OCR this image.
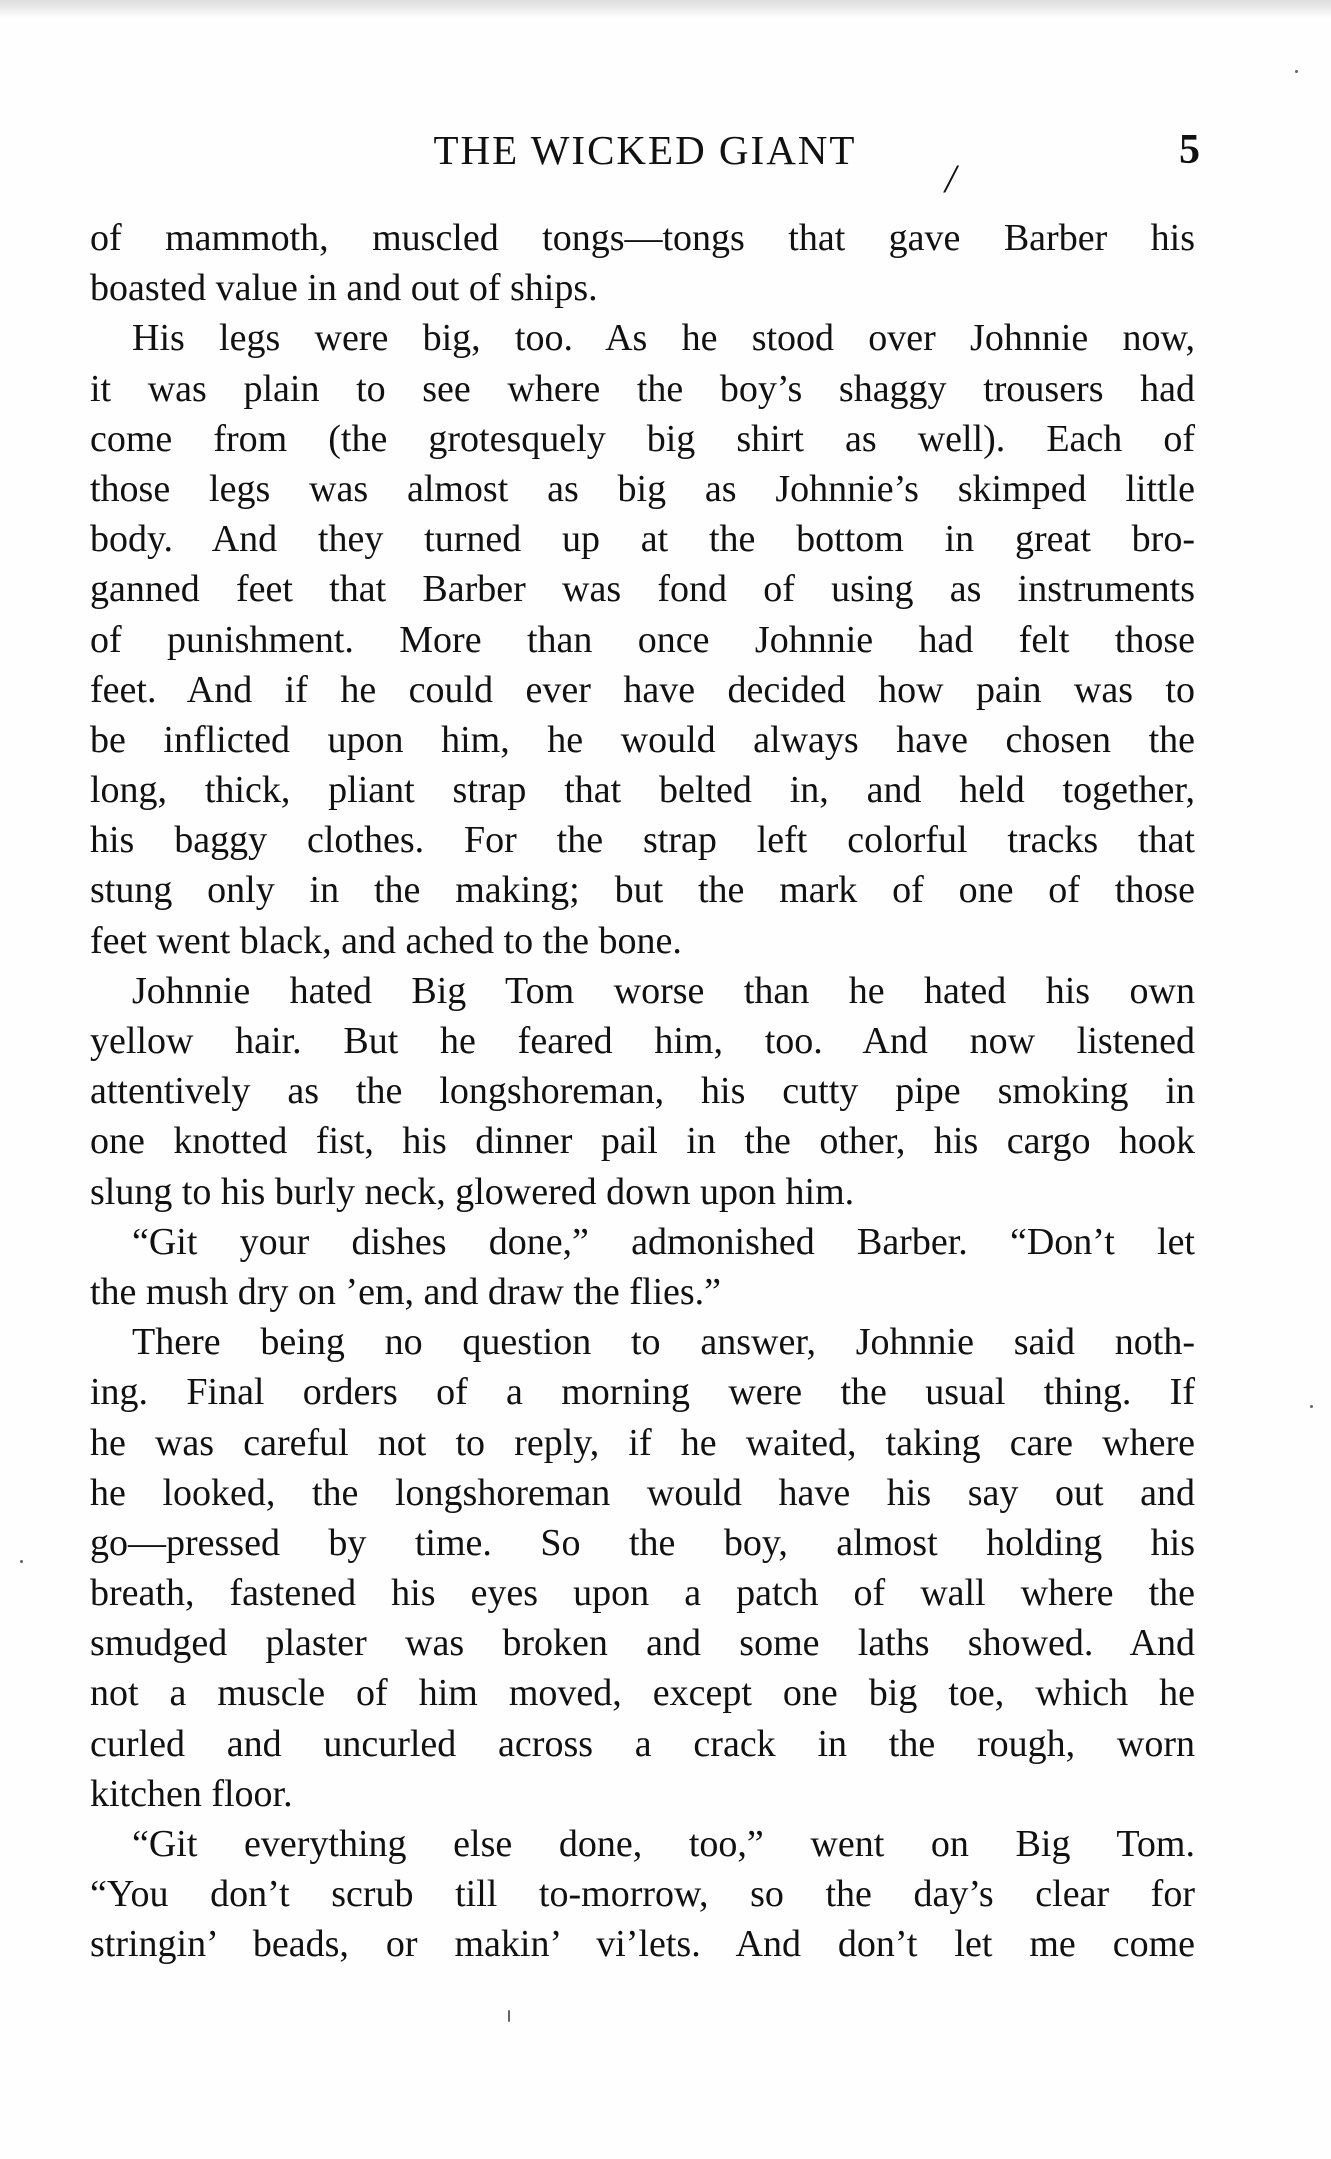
THE WICKED GIANT	5
/
of mammoth, muscled tongs—tongs that gave Barber his
boasted value in and out of ships.
His legs were big, too. As he stood over Johnnie now,
it was plain to see where the boy’s shaggy trousers had
come from (the grotesquely big shirt as well). Each of
those legs was almost as big as Johnnie’s skimped little
body. And they turned up at the bottom in great bro-
ganned feet that Barber was fond of using as instruments
of punishment. More than once Johnnie had felt those
feet. And if he could ever have decided how pain was to
be inflicted upon him, he would always have chosen the
long, thick, pliant strap that belted in, and held together,
his baggy clothes. For the strap left colorful tracks that
stung only in the making; but the mark of one of those
feet went black, and ached to the bone.
Johnnie hated Big Tom worse than he hated his own
yellow hair. But he feared him, too. And now listened
attentively as the longshoreman, his cutty pipe smoking in
one knotted fist, his dinner pail in the other, his cargo hook
slung to his burly neck, glowered down upon him.
“Git your dishes done,” admonished Barber. “Don’t let
the mush dry on ’em, and draw the flies.”
There being no question to answer, Johnnie said noth-
ing. Final orders of a morning were the usual thing. If
he was careful not to reply, if he waited, taking care where
he looked, the longshoreman would have his say out and
go—pressed by time. So the boy, almost holding his
breath, fastened his eyes upon a patch of wall where the
smudged plaster was broken and some laths showed. And
not a muscle of him moved, except one big toe, which he
curled and uncurled across a crack in the rough, worn
kitchen floor.
“Git everything else done, too,” went on Big Tom.
“You don’t scrub till to-morrow, so the day’s clear for
stringin’ beads, or makin’ vi’lets. And don’t let me come
